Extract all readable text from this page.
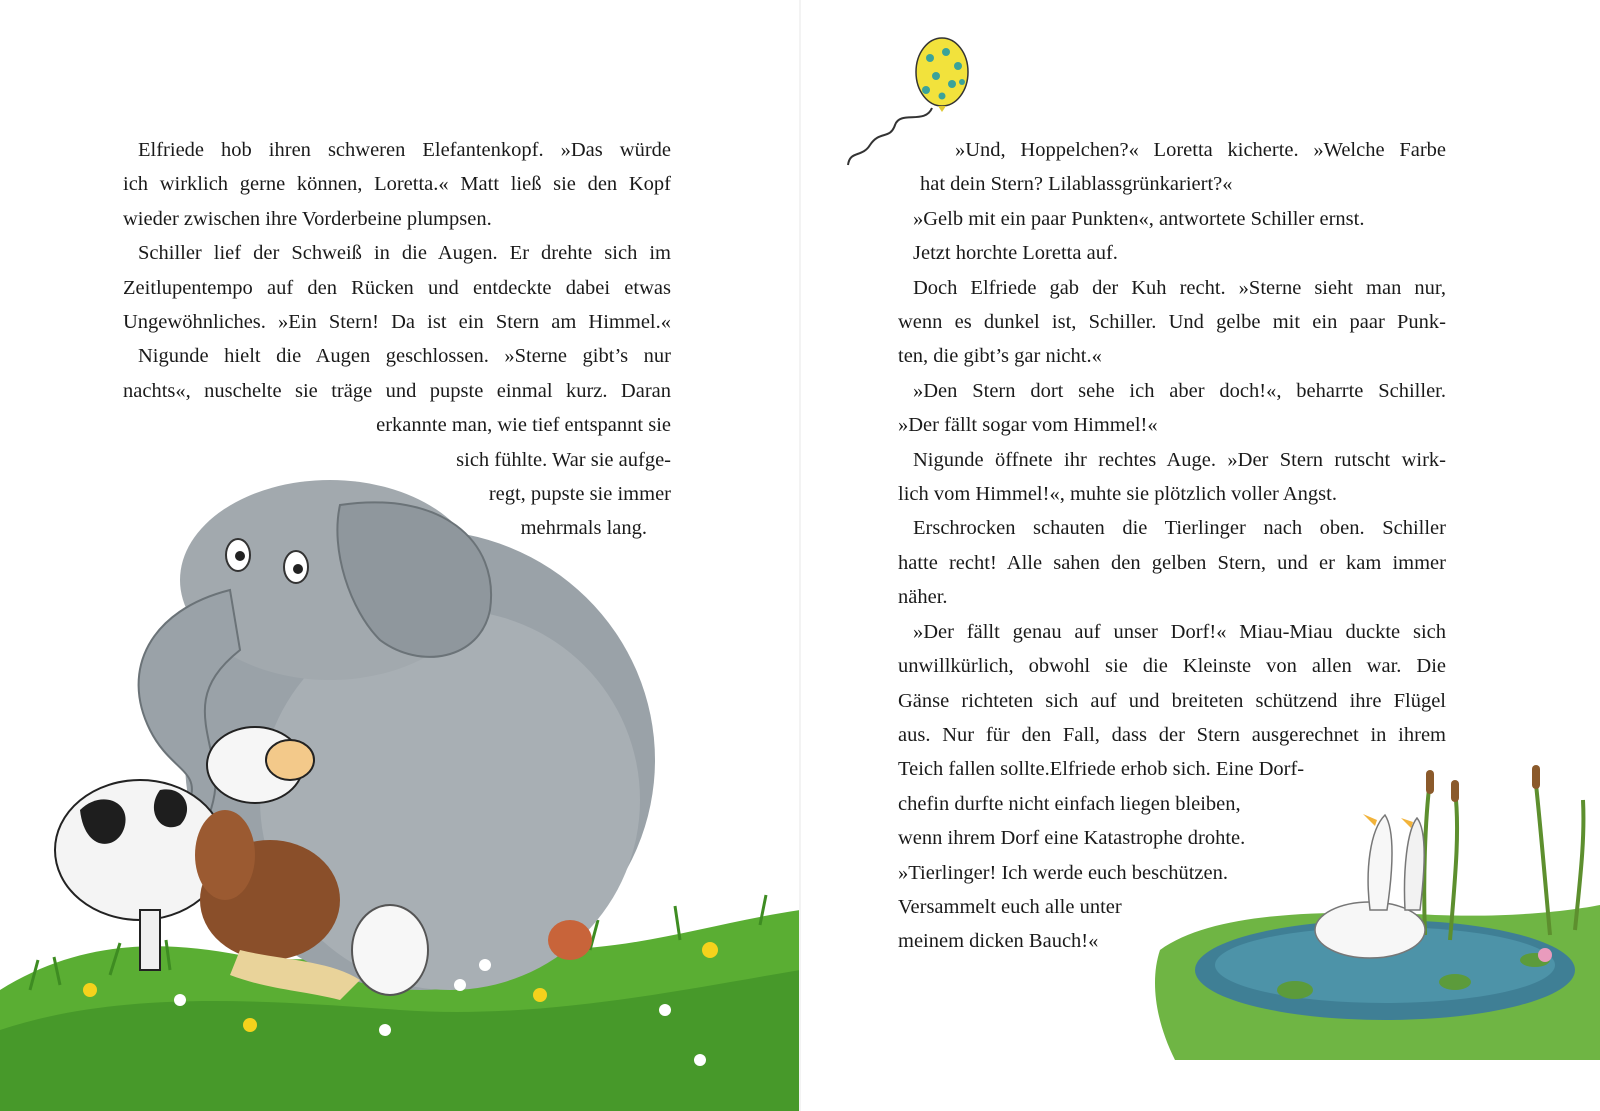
Elfriede hob ihren schweren Elefantenkopf. »Das würde
ich wirklich gerne können, Loretta.« Matt ließ sie den Kopf
wieder zwischen ihre Vorderbeine plumpsen.
Schiller lief der Schweiß in die Augen. Er drehte sich im
Zeitlupentempo auf den Rücken und entdeckte dabei etwas
Ungewöhnliches. »Ein Stern! Da ist ein Stern am Himmel.«
Nigunde hielt die Augen geschlossen. »Sterne gibt’s nur
nachts«, nuschelte sie träge und pupste einmal kurz. Daran
erkannte man, wie tief entspannt sie
sich fühlte. War sie aufge-
regt, pupste sie immer
mehrmals lang.
»Und, Hoppelchen?« Loretta kicherte. »Welche Farbe
hat dein Stern? Lilablassgrünkariert?«
»Gelb mit ein paar Punkten«, antwortete Schiller ernst.
Jetzt horchte Loretta auf.
Doch Elfriede gab der Kuh recht. »Sterne sieht man nur,
wenn es dunkel ist, Schiller. Und gelbe mit ein paar Punk-
ten, die gibt’s gar nicht.«
»Den Stern dort sehe ich aber doch!«, beharrte Schiller.
»Der fällt sogar vom Himmel!«
Nigunde öffnete ihr rechtes Auge. »Der Stern rutscht wirk-
lich vom Himmel!«, muhte sie plötzlich voller Angst.
Erschrocken schauten die Tierlinger nach oben. Schiller
hatte recht! Alle sahen den gelben Stern, und er kam immer
näher.
»Der fällt genau auf unser Dorf!« Miau-Miau duckte sich
unwillkürlich, obwohl sie die Kleinste von allen war. Die
Gänse richteten sich auf und breiteten schützend ihre Flügel
aus. Nur für den Fall, dass der Stern ausgerechnet in ihrem
Teich fallen sollte.Elfriede erhob sich. Eine Dorf-
chefin durfte nicht einfach liegen bleiben,
wenn ihrem Dorf eine Katastrophe drohte.
»Tierlinger! Ich werde euch beschützen.
Versammelt euch alle unter
meinem dicken Bauch!«
